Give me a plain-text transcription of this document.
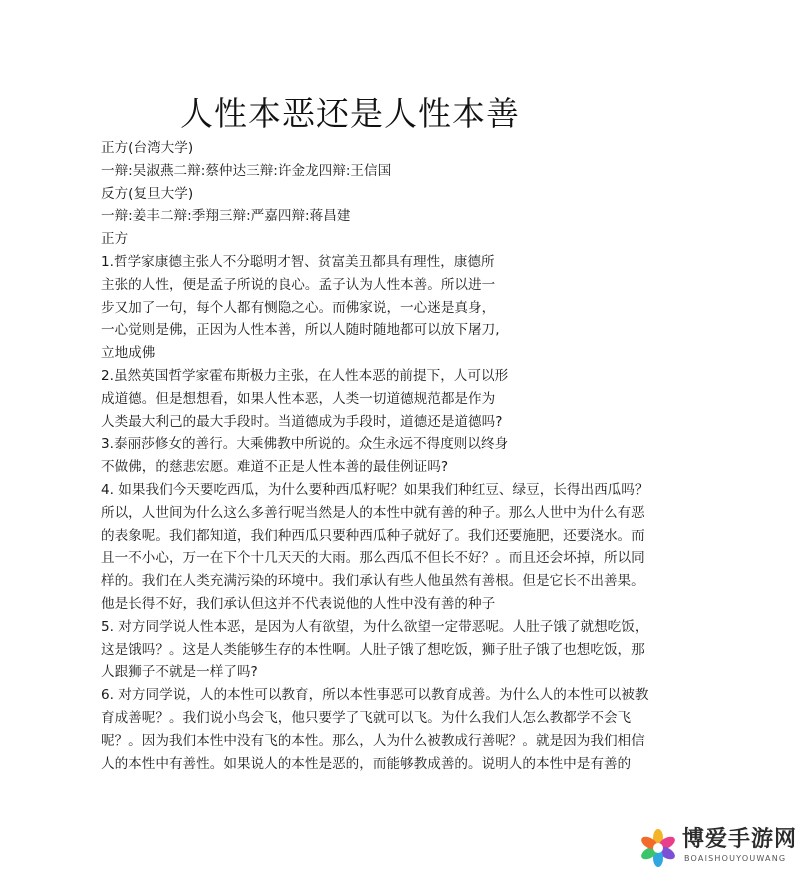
人性本恶还是人性本善
正方(台湾大学)
一辩:吴淑燕二辩:蔡仲达三辩:许金龙四辩:王信国
反方(复旦大学)
一辩:姜丰二辩:季翔三辩:严嘉四辩:蒋昌建
正方
1.哲学家康德主张人不分聪明才智、贫富美丑都具有理性，康德所
主张的人性，便是孟子所说的良心。孟子认为人性本善。所以进一
步又加了一句，每个人都有恻隐之心。而佛家说，一心迷是真身，
一心觉则是佛，正因为人性本善，所以人随时随地都可以放下屠刀,
立地成佛
2.虽然英国哲学家霍布斯极力主张，在人性本恶的前提下，人可以形
成道德。但是想想看，如果人性本恶，人类一切道德规范都是作为
人类最大利己的最大手段时。当道德成为手段时，道德还是道德吗?
3.泰丽莎修女的善行。大乘佛教中所说的。众生永远不得度则以终身
不做佛，的慈悲宏愿。难道不正是人性本善的最佳例证吗?
4. 如果我们今天要吃西瓜，为什么要种西瓜籽呢？如果我们种红豆、绿豆，长得出西瓜吗？
所以，人世间为什么这么多善行呢当然是人的本性中就有善的种子。那么人世中为什么有恶
的表象呢。我们都知道，我们种西瓜只要种西瓜种子就好了。我们还要施肥，还要浇水。而
且一不小心，万一在下个十几天天的大雨。那么西瓜不但长不好？。而且还会坏掉，所以同
样的。我们在人类充满污染的环境中。我们承认有些人他虽然有善根。但是它长不出善果。
他是长得不好，我们承认但这并不代表说他的人性中没有善的种子
5. 对方同学说人性本恶，是因为人有欲望，为什么欲望一定带恶呢。人肚子饿了就想吃饭，
这是饿吗？。这是人类能够生存的本性啊。人肚子饿了想吃饭，狮子肚子饿了也想吃饭，那
人跟狮子不就是一样了吗?
6. 对方同学说，人的本性可以教育，所以本性事恶可以教育成善。为什么人的本性可以被教
育成善呢？。我们说小鸟会飞，他只要学了飞就可以飞。为什么我们人怎么教都学不会飞
呢？。因为我们本性中没有飞的本性。那么，人为什么被教成行善呢？。就是因为我们相信
人的本性中有善性。如果说人的本性是恶的，而能够教成善的。说明人的本性中是有善的
博爱手游网
BOAISHOUYOUWANG
